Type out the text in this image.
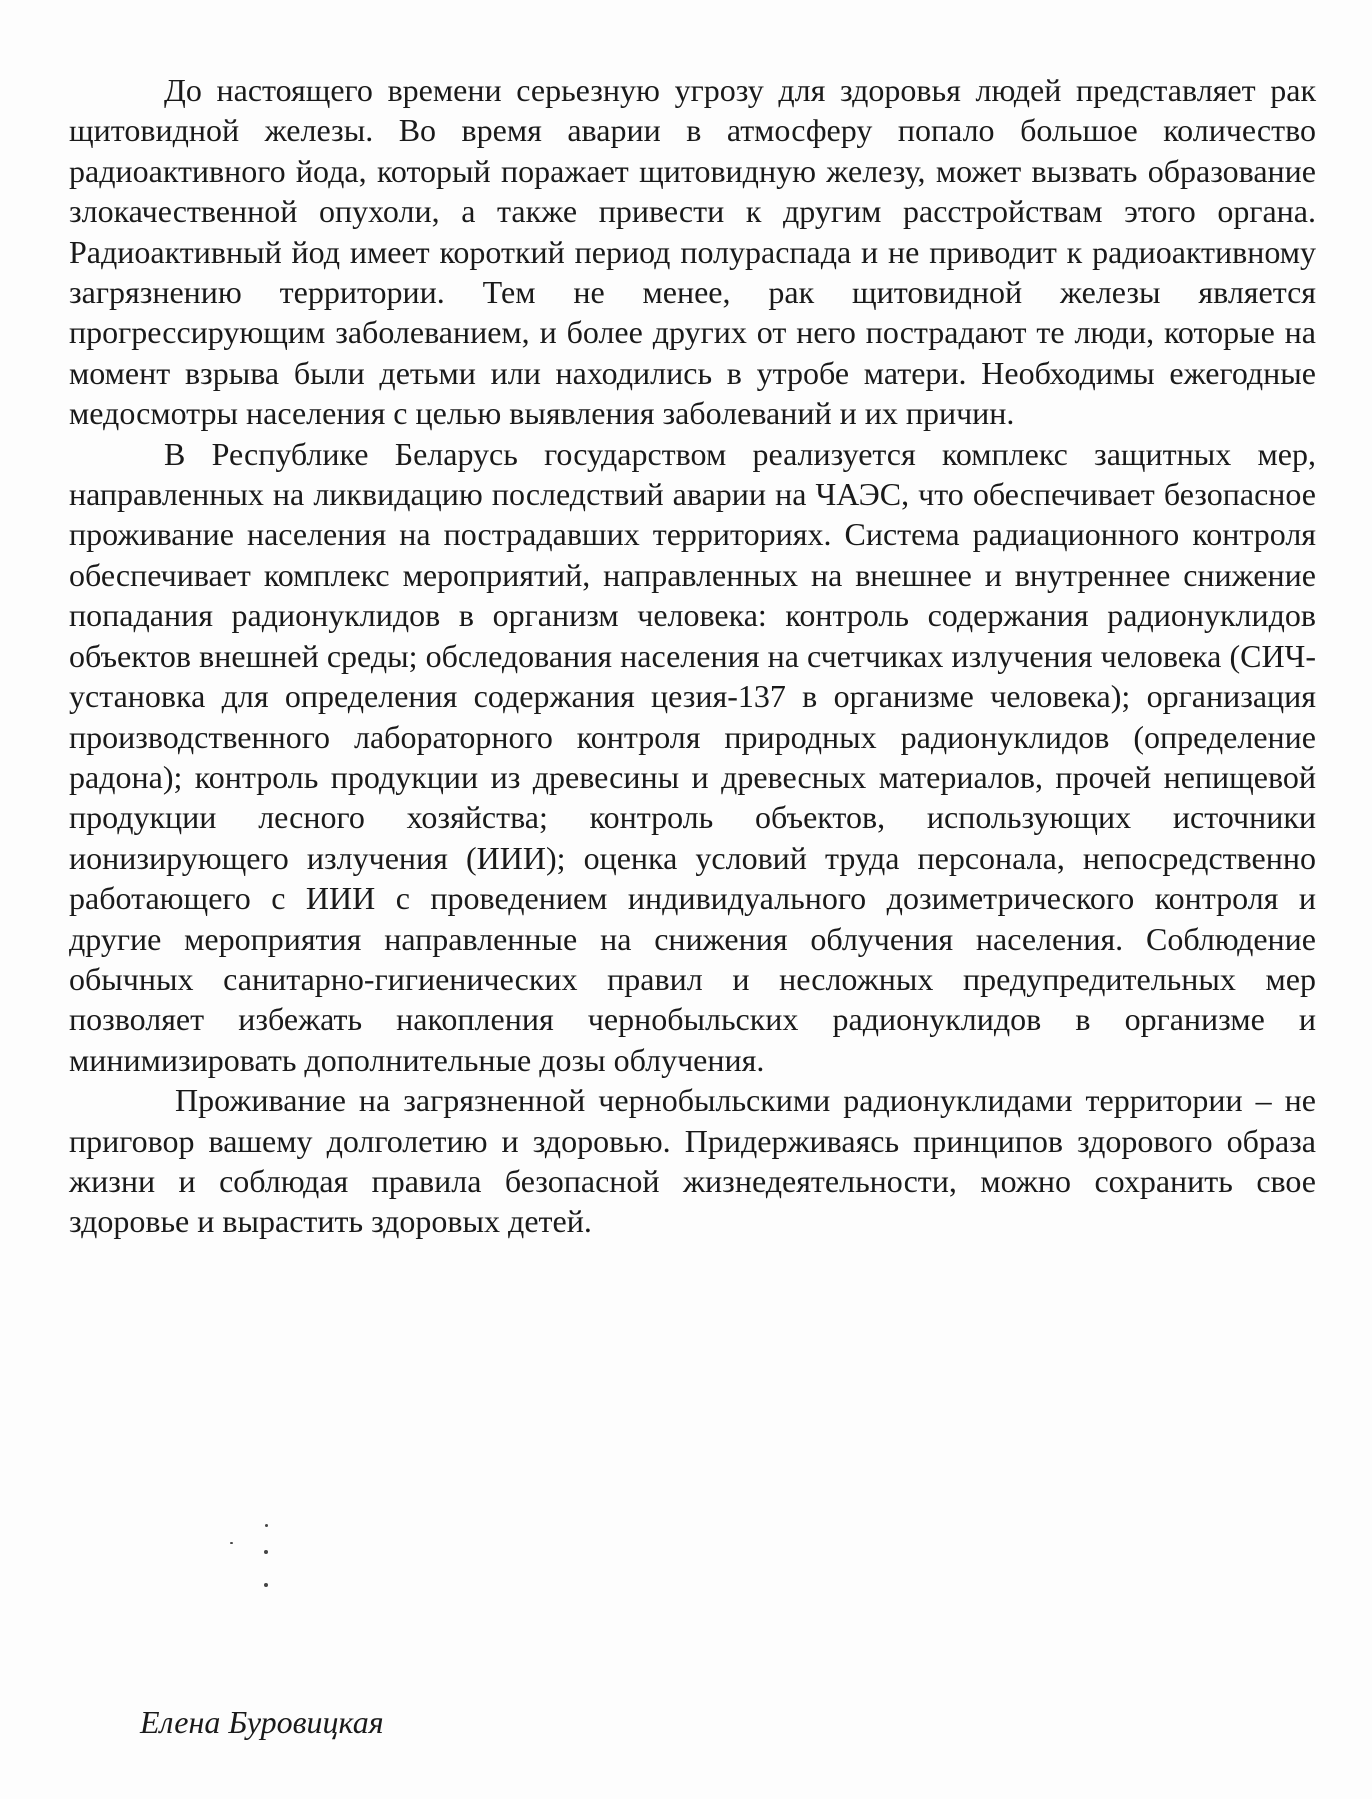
До настоящего времени серьезную угрозу для здоровья людей представляет рак щитовидной железы. Во время аварии в атмосферу попало большое количество радиоактивного йода, который поражает щитовидную железу, может вызвать образование злокачественной опухоли, а также привести к другим расстройствам этого органа. Радиоактивный йод имеет короткий период полураспада и не приводит к радиоактивному загрязнению территории. Тем не менее, рак щитовидной железы является прогрессирующим заболеванием, и более других от него пострадают те люди, которые на момент взрыва были детьми или находились в утробе матери. Необходимы ежегодные медосмотры населения с целью выявления заболеваний и их причин.

В Республике Беларусь государством реализуется комплекс защитных мер, направленных на ликвидацию последствий аварии на ЧАЭС, что обеспечивает безопасное проживание населения на пострадавших территориях. Система радиационного контроля обеспечивает комплекс мероприятий, направленных на внешнее и внутреннее снижение попадания радионуклидов в организм человека: контроль содержания радионуклидов объектов внешней среды; обследования населения на счетчиках излучения человека (СИЧ-установка для определения содержания цезия-137 в организме человека); организация производственного лабораторного контроля природных радионуклидов (определение радона); контроль продукции из древесины и древесных материалов, прочей непищевой продукции лесного хозяйства; контроль объектов, использующих источники ионизирующего излучения (ИИИ); оценка условий труда персонала, непосредственно работающего с ИИИ с проведением индивидуального дозиметрического контроля и другие мероприятия направленные на снижения облучения населения. Соблюдение обычных санитарно-гигиенических правил и несложных предупредительных мер позволяет избежать накопления чернобыльских радионуклидов в организме и минимизировать дополнительные дозы облучения.

Проживание на загрязненной чернобыльскими радионуклидами территории – не приговор вашему долголетию и здоровью. Придерживаясь принципов здорового образа жизни и соблюдая правила безопасной жизнедеятельности, можно сохранить свое здоровье и вырастить здоровых детей.

Елена Буровицкая
